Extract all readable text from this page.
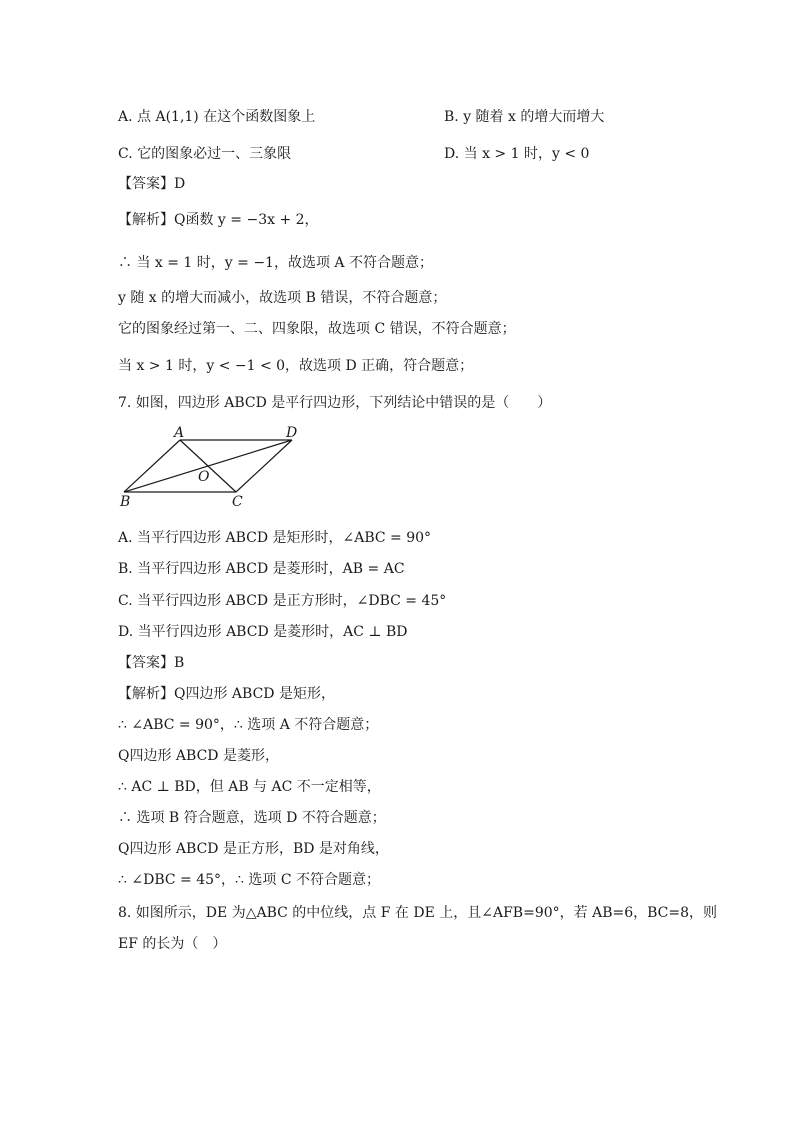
A. 点 A(1,1) 在这个函数图象上	B. y 随着 x 的增大而增大
C. 它的图象必过一、三象限	D. 当 x > 1 时，y < 0
【答案】D
【解析】Q函数 y = −3x + 2，
∴ 当 x = 1 时，y = −1，故选项 A 不符合题意；
y 随 x 的增大而减小，故选项 B 错误，不符合题意；
它的图象经过第一、二、四象限，故选项 C 错误，不符合题意；
当 x > 1 时，y < −1 < 0，故选项 D 正确，符合题意；
7. 如图，四边形 ABCD 是平行四边形，下列结论中错误的是（　　）
A	D
B	C
O
A. 当平行四边形 ABCD 是矩形时，∠ABC = 90°
B. 当平行四边形 ABCD 是菱形时，AB = AC
C. 当平行四边形 ABCD 是正方形时，∠DBC = 45°
D. 当平行四边形 ABCD 是菱形时，AC ⊥ BD
【答案】B
【解析】Q四边形 ABCD 是矩形，
∴ ∠ABC = 90°，∴ 选项 A 不符合题意；
Q四边形 ABCD 是菱形，
∴ AC ⊥ BD，但 AB 与 AC 不一定相等，
∴ 选项 B 符合题意，选项 D 不符合题意；
Q四边形 ABCD 是正方形，BD 是对角线，
∴ ∠DBC = 45°，∴ 选项 C 不符合题意；
8. 如图所示，DE 为△ABC 的中位线，点 F 在 DE 上，且∠AFB=90°，若 AB=6，BC=8，则
EF 的长为（　）
